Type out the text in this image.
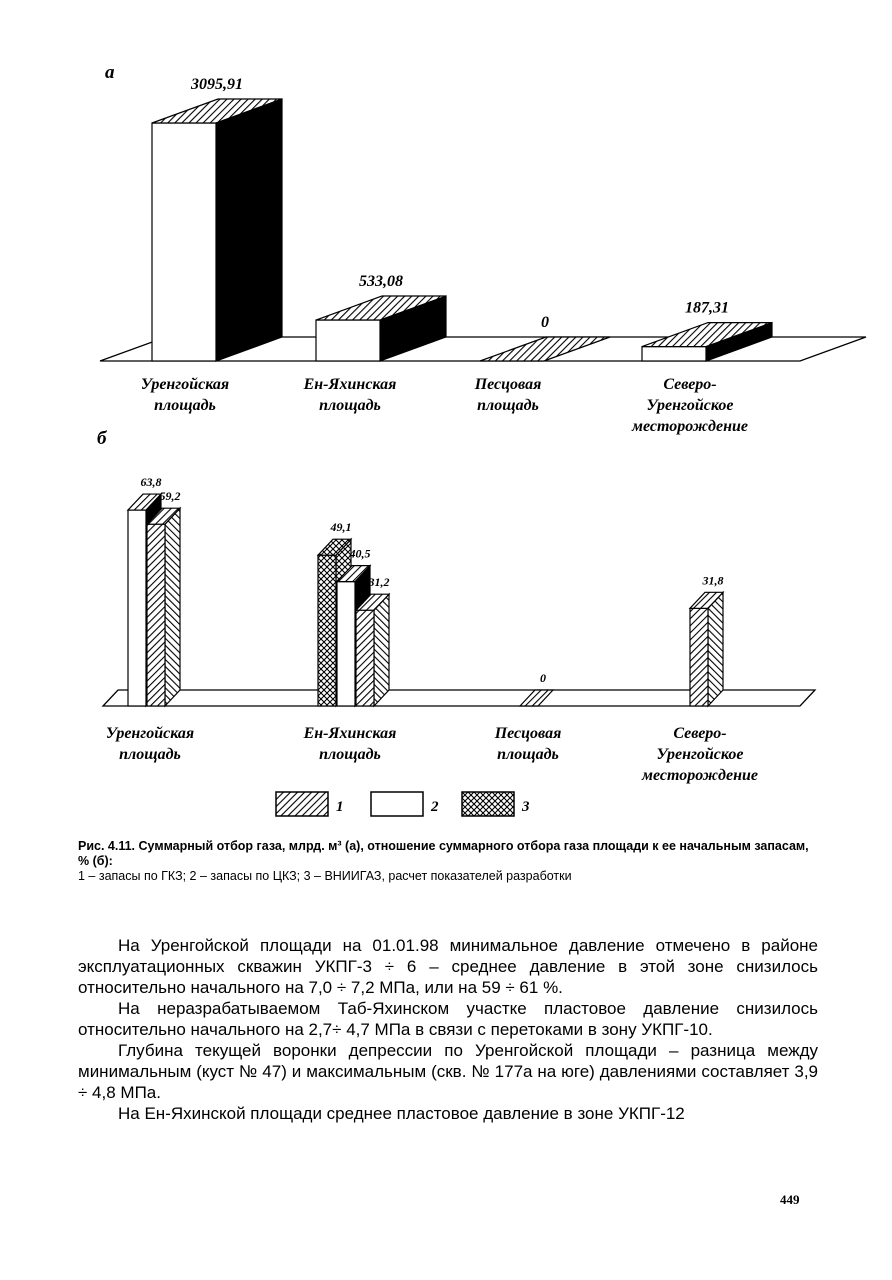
а
б
3095,91
533,08
0
187,31
Уренгойская
площадь
Ен-Яхинская
площадь
Песцовая
площадь
Северо-
Уренгойское
месторождение
63,8
59,2
49,1
40,5
31,2
0
31,8
Уренгойская
площадь
Ен-Яхинская
площадь
Песцовая
площадь
Северо-
Уренгойское
месторождение
1	2	3
Рис. 4.11. Суммарный отбор газа, млрд. м³ (а), отношение суммарного отбора газа площади к ее начальным запасам, % (б):
1 – запасы по ГКЗ; 2 – запасы по ЦКЗ; 3 – ВНИИГАЗ, расчет показателей разработки

На Уренгойской площади на 01.01.98 минимальное давление отмечено в районе эксплуатационных скважин УКПГ-3 ÷ 6 – среднее давление в этой зоне снизилось относительно начального на 7,0 ÷ 7,2 МПа, или на 59 ÷ 61 %.

На неразрабатываемом Таб-Яхинском участке пластовое давление снизилось относительно начального на 2,7÷ 4,7 МПа в связи с перетоками в зону УКПГ-10.

Глубина текущей воронки депрессии по Уренгойской площади – разница между минимальным (куст № 47) и максимальным (скв. № 177а на юге) давлениями составляет 3,9 ÷ 4,8 МПа.

На Ен-Яхинской площади среднее пластовое давление в зоне УКПГ-12

449
